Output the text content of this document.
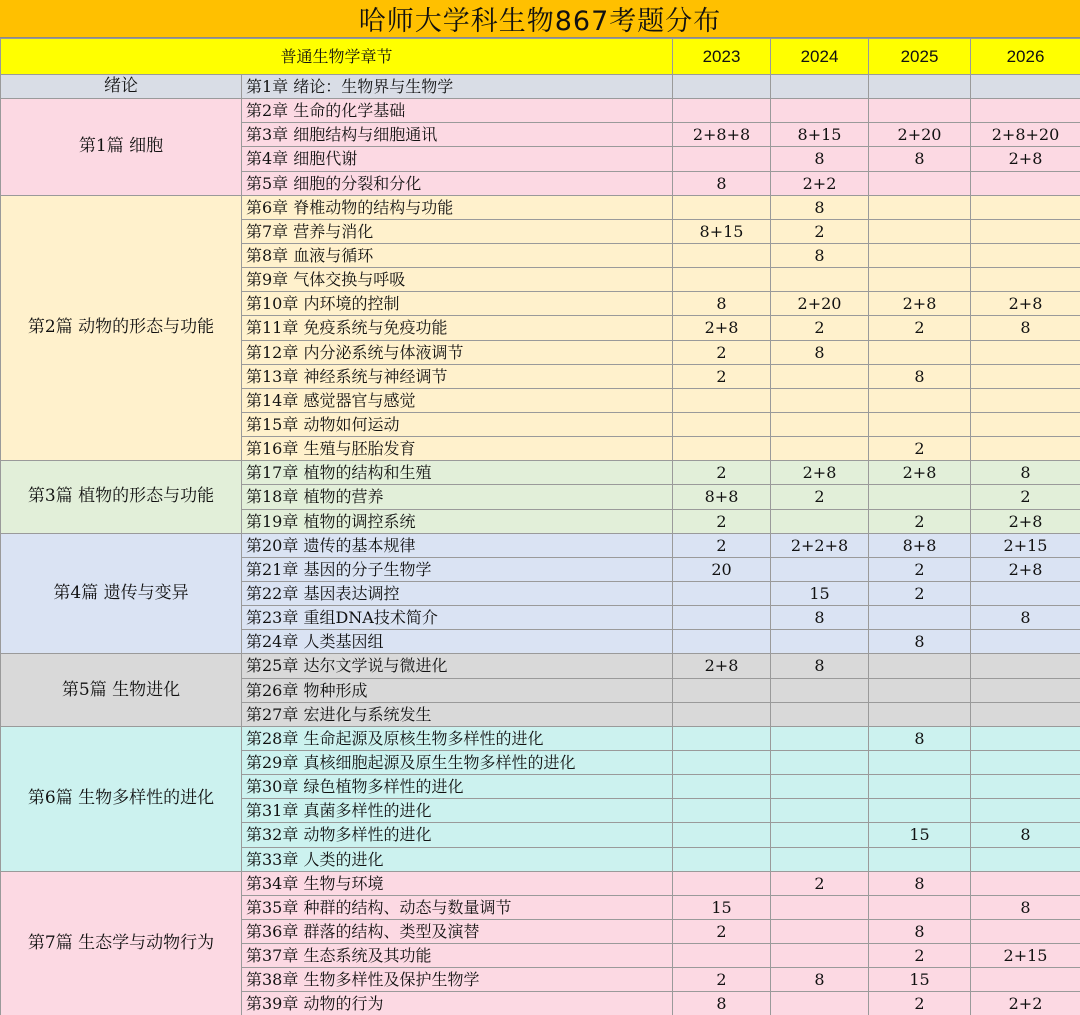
哈师大学科生物867考题分布
普通生物学章节		2023	2024	2025	2026
绪论	第1章 绪论：生物界与生物学				
第1篇 细胞	第2章 生命的化学基础				
	第3章 细胞结构与细胞通讯	2+8+8	8+15	2+20	2+8+20
	第4章 细胞代谢		8	8	2+8
	第5章 细胞的分裂和分化	8	2+2		
第2篇 动物的形态与功能	第6章 脊椎动物的结构与功能		8		
	第7章 营养与消化	8+15	2		
	第8章 血液与循环		8		
	第9章 气体交换与呼吸				
	第10章 内环境的控制	8	2+20	2+8	2+8
	第11章 免疫系统与免疫功能	2+8	2	2	8
	第12章 内分泌系统与体液调节	2	8		
	第13章 神经系统与神经调节	2		8	
	第14章 感觉器官与感觉				
	第15章 动物如何运动				
	第16章 生殖与胚胎发育			2	
第3篇 植物的形态与功能	第17章 植物的结构和生殖	2	2+8	2+8	8
	第18章 植物的营养	8+8	2		2
	第19章 植物的调控系统	2		2	2+8
第4篇 遗传与变异	第20章 遗传的基本规律	2	2+2+8	8+8	2+15
	第21章 基因的分子生物学	20		2	2+8
	第22章 基因表达调控		15	2	
	第23章 重组DNA技术简介		8		8
	第24章 人类基因组			8	
第5篇 生物进化	第25章 达尔文学说与微进化	2+8	8		
	第26章 物种形成				
	第27章 宏进化与系统发生				
第6篇 生物多样性的进化	第28章 生命起源及原核生物多样性的进化			8	
	第29章 真核细胞起源及原生生物多样性的进化				
	第30章 绿色植物多样性的进化				
	第31章 真菌多样性的进化				
	第32章 动物多样性的进化			15	8
	第33章 人类的进化				
第7篇 生态学与动物行为	第34章 生物与环境		2	8	
	第35章 种群的结构、动态与数量调节	15			8
	第36章 群落的结构、类型及演替	2		8	
	第37章 生态系统及其功能			2	2+15
	第38章 生物多样性及保护生物学	2	8	15	
	第39章 动物的行为	8		2	2+2
